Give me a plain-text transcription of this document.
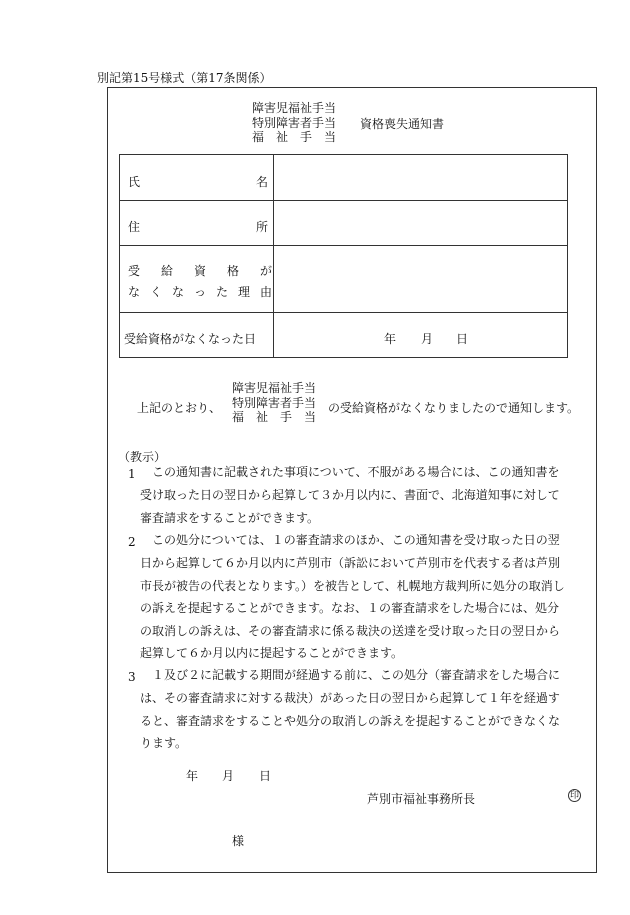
別記第15号様式（第17条関係）
障害児福祉手当
特別障害者手当
福　祉　手　当
資格喪失通知書
氏	名
住	所
受給資格が
なくなった理由
受給資格がなくなった日	年 月 日
上記のとおり、
障害児福祉手当
特別障害者手当
福　祉　手　当
の受給資格がなくなりましたので通知します。
（教示）
1 この通知書に記載された事項について、不服がある場合には、この通知書を
受け取った日の翌日から起算して３か月以内に、書面で、北海道知事に対して
審査請求をすることができます。
2 この処分については、１の審査請求のほか、この通知書を受け取った日の翌
日から起算して６か月以内に芦別市（訴訟において芦別市を代表する者は芦別
市長が被告の代表となります。）を被告として、札幌地方裁判所に処分の取消し
の訴えを提起することができます。なお、１の審査請求をした場合には、処分
の取消しの訴えは、その審査請求に係る裁決の送達を受け取った日の翌日から
起算して６か月以内に提起することができます。
3 １及び２に記載する期間が経過する前に、この処分（審査請求をした場合に
は、その審査請求に対する裁決）があった日の翌日から起算して１年を経過す
ると、審査請求をすることや処分の取消しの訴えを提起することができなくな
ります。
年 月 日
芦別市福祉事務所長	印
様
